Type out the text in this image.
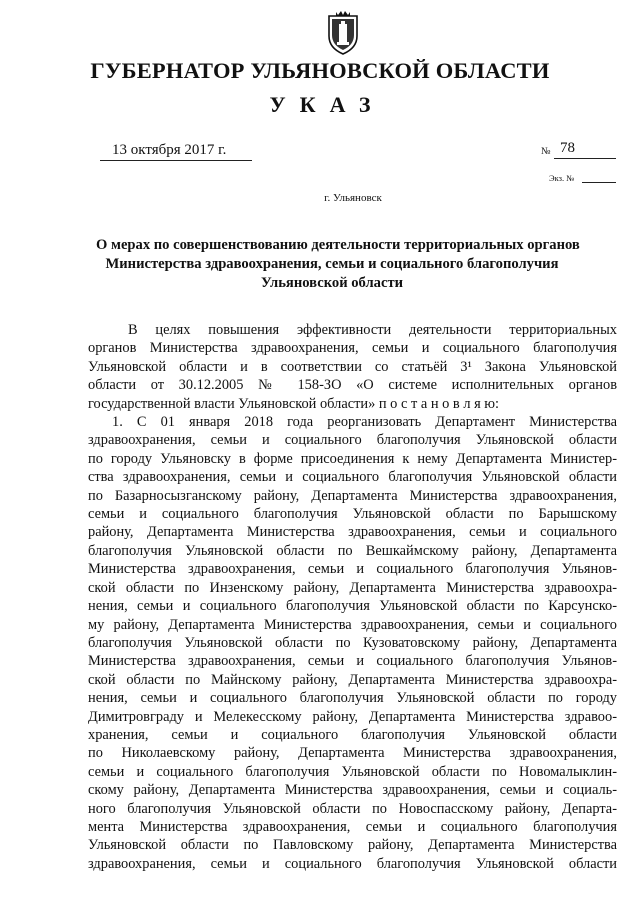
ГУБЕРНАТОР УЛЬЯНОВСКОЙ ОБЛАСТИ
УКАЗ
13 октября 2017 г.	№ 78
Экз. №
г. Ульяновск
О мерах по совершенствованию деятельности территориальных органов
Министерства здравоохранения, семьи и социального благополучия
Ульяновской области
В целях повышения эффективности деятельности территориальных
органов Министерства здравоохранения, семьи и социального благополучия
Ульяновской области и в соответствии со статьёй 3¹ Закона Ульяновской
области от 30.12.2005 № 158-ЗО «О системе исполнительных органов
государственной власти Ульяновской области» п о с т а н о в л я ю:
1. С 01 января 2018 года реорганизовать Департамент Министерства
здравоохранения, семьи и социального благополучия Ульяновской области
по городу Ульяновску в форме присоединения к нему Департамента Министер-
ства здравоохранения, семьи и социального благополучия Ульяновской области
по Базарносызганскому району, Департамента Министерства здравоохранения,
семьи и социального благополучия Ульяновской области по Барышскому
району, Департамента Министерства здравоохранения, семьи и социального
благополучия Ульяновской области по Вешкаймскому району, Департамента
Министерства здравоохранения, семьи и социального благополучия Ульянов-
ской области по Инзенскому району, Департамента Министерства здравоохра-
нения, семьи и социального благополучия Ульяновской области по Карсунско-
му району, Департамента Министерства здравоохранения, семьи и социального
благополучия Ульяновской области по Кузоватовскому району, Департамента
Министерства здравоохранения, семьи и социального благополучия Ульянов-
ской области по Майнскому району, Департамента Министерства здравоохра-
нения, семьи и социального благополучия Ульяновской области по городу
Димитровграду и Мелекесскому району, Департамента Министерства здравоо-
хранения, семьи и социального благополучия Ульяновской области
по Николаевскому району, Департамента Министерства здравоохранения,
семьи и социального благополучия Ульяновской области по Новомалыклин-
скому району, Департамента Министерства здравоохранения, семьи и социаль-
ного благополучия Ульяновской области по Новоспасскому району, Департа-
мента Министерства здравоохранения, семьи и социального благополучия
Ульяновской области по Павловскому району, Департамента Министерства
здравоохранения, семьи и социального благополучия Ульяновской области
